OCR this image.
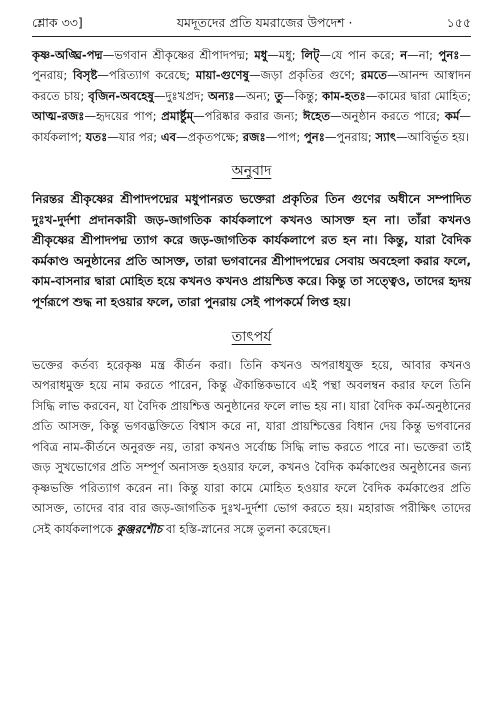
শ্লোক ৩৩]	যমদূতদের প্রতি যমরাজের উপদেশ ·	১৫৫

কৃষ্ণ-অঙ্ঘ্রি-পদ্ম—ভগবান শ্রীকৃষ্ণের শ্রীপাদপদ্ম; মধু—মধু; লিট্‌—যে পান করে; ন—না; পুনঃ—পুনরায়; বিসৃষ্ট—পরিত্যাগ করেছে; মায়া-গুণেষু—জড়া প্রকৃতির গুণে; রমতে—আনন্দ আস্বাদন করতে চায়; বৃজিন-অবহেষু—দুঃখপ্রদ; অন্যঃ—অন্য; তু—কিন্তু; কাম-হতঃ—কামের দ্বারা মোহিত; আত্ম-রজঃ—হৃদয়ের পাপ; প্রমার্ষ্টুম্‌—পরিষ্কার করার জন্য; ঈহেত—অনুষ্ঠান করতে পারে; কর্ম—কার্যকলাপ; যতঃ—যার পর; এব—প্রকৃতপক্ষে; রজঃ—পাপ; পুনঃ—পুনরায়; স্যাৎ—আবির্ভূত হয়।

অনুবাদ

নিরন্তর শ্রীকৃষ্ণের শ্রীপাদপদ্মের মধুপানরত ভক্তেরা প্রকৃতির তিন গুণের অধীনে সম্পাদিত দুঃখ-দুর্দশা প্রদানকারী জড়-জাগতিক কার্যকলাপে কখনও আসক্ত হন না। তাঁরা কখনও শ্রীকৃষ্ণের শ্রীপাদপদ্ম ত্যাগ করে জড়-জাগতিক কার্যকলাপে রত হন না। কিন্তু, যারা বৈদিক কর্মকাণ্ড অনুষ্ঠানের প্রতি আসক্ত, তারা ভগবানের শ্রীপাদপদ্মের সেবায় অবহেলা করার ফলে, কাম-বাসনার দ্বারা মোহিত হয়ে কখনও কখনও প্রায়শ্চিত্ত করে। কিন্তু তা সত্ত্বেও, তাদের হৃদয় পূর্ণরূপে শুদ্ধ না হওয়ার ফলে, তারা পুনরায় সেই পাপকর্মে লিপ্ত হয়।

তাৎপর্য

ভক্তের কর্তব্য হরেকৃষ্ণ মন্ত্র কীর্তন করা। তিনি কখনও অপরাধযুক্ত হয়ে, আবার কখনও অপরাধমুক্ত হয়ে নাম করতে পারেন, কিন্তু ঐকান্তিকভাবে এই পন্থা অবলম্বন করার ফলে তিনি সিদ্ধি লাভ করবেন, যা বৈদিক প্রায়শ্চিত্ত অনুষ্ঠানের ফলে লাভ হয় না। যারা বৈদিক কর্ম-অনুষ্ঠানের প্রতি আসক্ত, কিন্তু ভগবদ্ভক্তিতে বিশ্বাস করে না, যারা প্রায়শ্চিত্তের বিধান দেয় কিন্তু ভগবানের পবিত্র নাম-কীর্তনে অনুরক্ত নয়, তারা কখনও সর্বোচ্চ সিদ্ধি লাভ করতে পারে না। ভক্তেরা তাই জড় সুখভোগের প্রতি সম্পূর্ণ অনাসক্ত হওয়ার ফলে, কখনও বৈদিক কর্মকাণ্ডের অনুষ্ঠানের জন্য কৃষ্ণভক্তি পরিত্যাগ করেন না। কিন্তু যারা কামে মোহিত হওয়ার ফলে বৈদিক কর্মকাণ্ডের প্রতি আসক্ত, তাদের বার বার জড়-জাগতিক দুঃখ-দুর্দশা ভোগ করতে হয়। মহারাজ পরীক্ষিৎ তাদের সেই কার্যকলাপকে কুঞ্জরশৌচ বা হস্তি-স্নানের সঙ্গে তুলনা করেছেন।
